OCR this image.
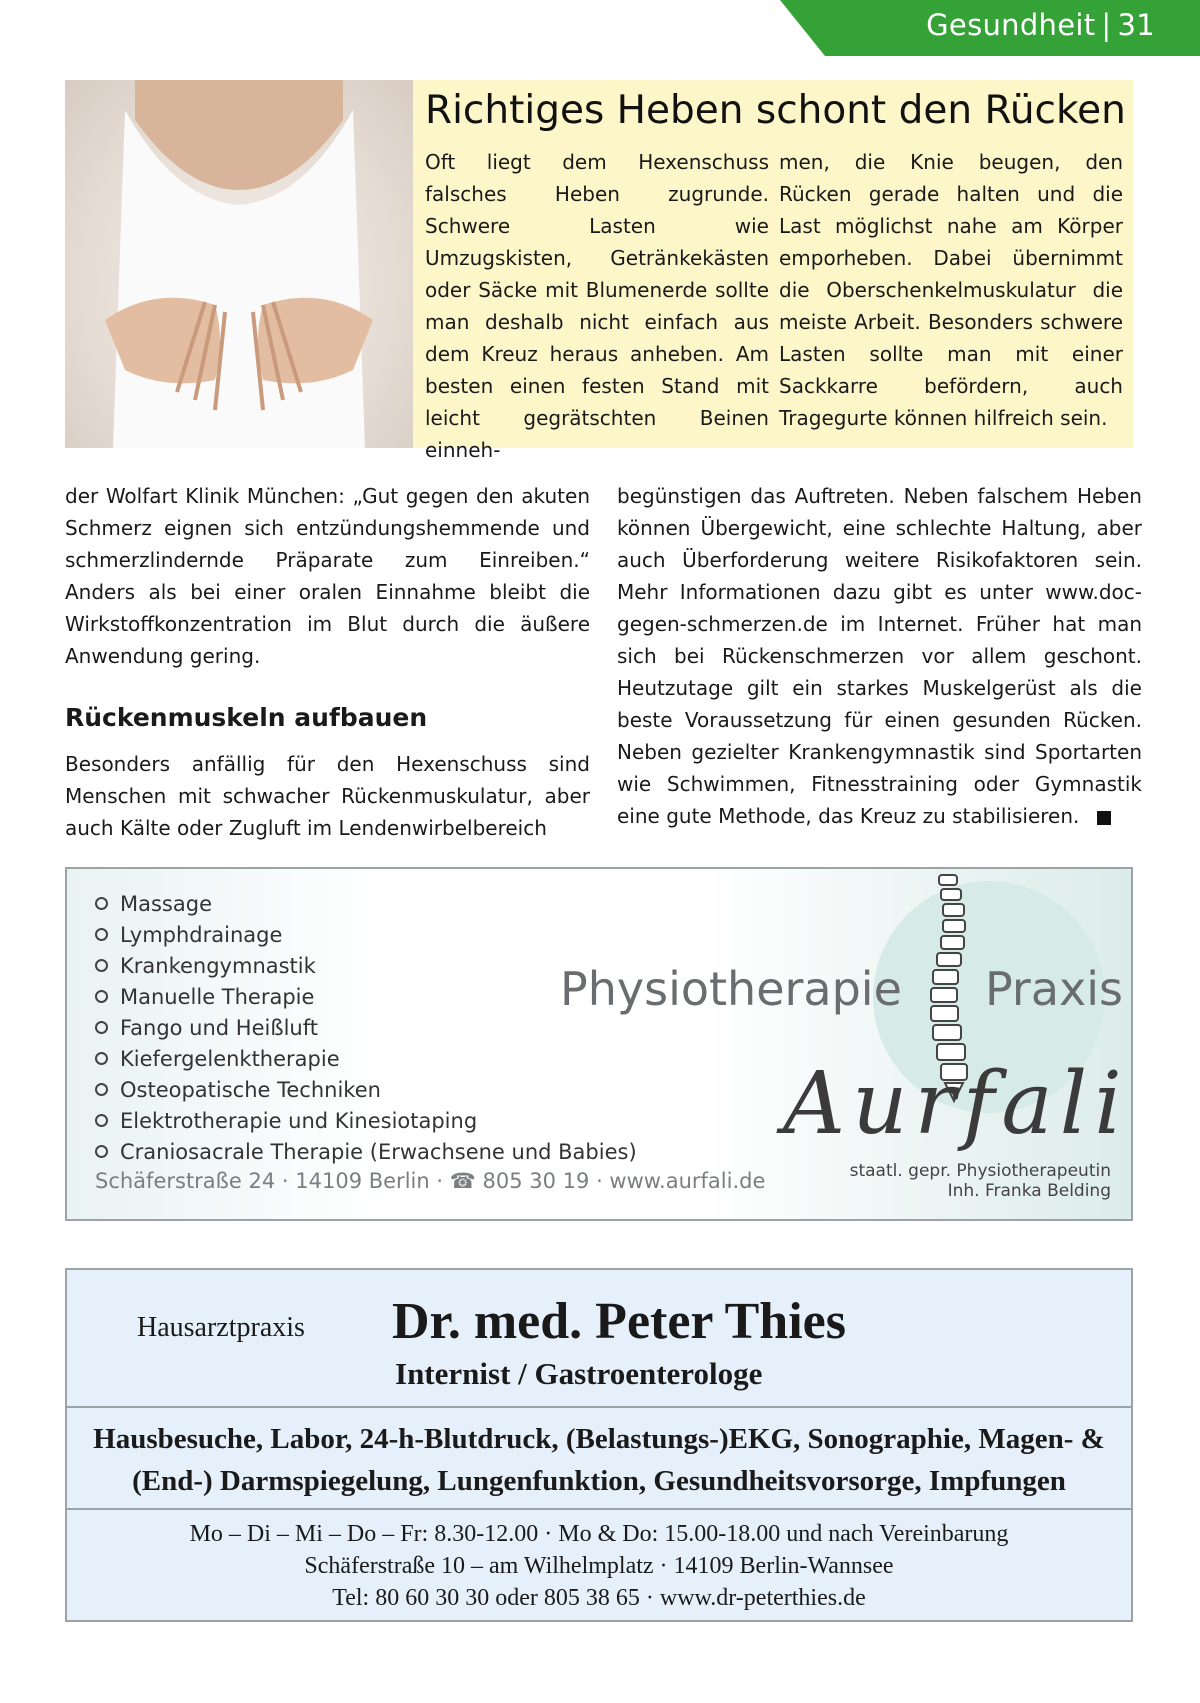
Gesundheit | 31
Richtiges Heben schont den Rücken
Oft liegt dem Hexenschuss falsches Heben zugrunde. Schwere Lasten wie Umzugskisten, Getränkekästen oder Säcke mit Blumenerde sollte man deshalb nicht einfach aus dem Kreuz heraus anheben. Am besten einen festen Stand mit leicht gegrätschten Beinen einneh-
men, die Knie beugen, den Rücken gerade halten und die Last möglichst nahe am Körper emporheben. Dabei übernimmt die Oberschenkelmuskulatur die meiste Arbeit. Besonders schwere Lasten sollte man mit einer Sackkarre befördern, auch Tragegurte können hilfreich sein.

der Wolfart Klinik München: „Gut gegen den akuten Schmerz eignen sich entzündungshemmende und schmerzlindernde Präparate zum Einreiben.“ Anders als bei einer oralen Einnahme bleibt die Wirkstoffkonzentration im Blut durch die äußere Anwendung gering.

Rückenmuskeln aufbauen

Besonders anfällig für den Hexenschuss sind Menschen mit schwacher Rückenmuskulatur, aber auch Kälte oder Zugluft im Lendenwirbelbereich

begünstigen das Auftreten. Neben falschem Heben können Übergewicht, eine schlechte Haltung, aber auch Überforderung weitere Risikofaktoren sein. Mehr Informationen dazu gibt es unter www.doc-gegen-schmerzen.de im Internet. Früher hat man sich bei Rückenschmerzen vor allem geschont. Heutzutage gilt ein starkes Muskelgerüst als die beste Voraussetzung für einen gesunden Rücken. Neben gezielter Krankengymnastik sind Sportarten wie Schwimmen, Fitnesstraining oder Gymnastik eine gute Methode, das Kreuz zu stabilisieren.

Massage
Lymphdrainage
Krankengymnastik
Manuelle Therapie
Fango und Heißluft
Kiefergelenktherapie
Osteopatische Techniken
Elektrotherapie und Kinesiotaping
Craniosacrale Therapie (Erwachsene und Babies)
Physiotherapie Praxis
Aurfali
Schäferstraße 24 · 14109 Berlin · ☎ 805 30 19 · www.aurfali.de	staatl. gepr. Physiotherapeutin
Inh. Franka Belding
Hausarztpraxis Dr. med. Peter Thies
Internist / Gastroenterologe
Hausbesuche, Labor, 24-h-Blutdruck, (Belastungs-)EKG, Sonographie, Magen- &
(End-) Darmspiegelung, Lungenfunktion, Gesundheitsvorsorge, Impfungen
Mo – Di – Mi – Do – Fr: 8.30-12.00 · Mo & Do: 15.00-18.00 und nach Vereinbarung
Schäferstraße 10 – am Wilhelmplatz · 14109 Berlin-Wannsee
Tel: 80 60 30 30 oder 805 38 65 · www.dr-peterthies.de
